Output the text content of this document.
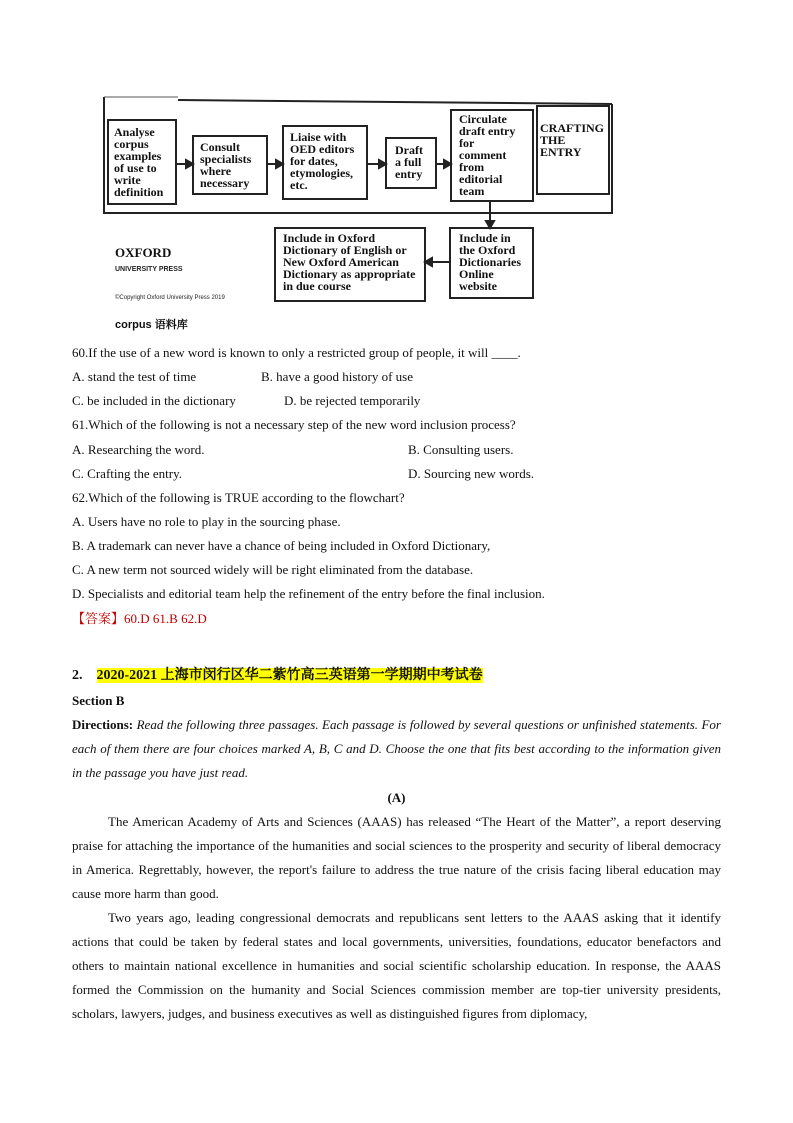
Analyse corpus examples of use to write definition
Consult specialists where necessary
Liaise with OED editors for dates, etymologies, etc.
Draft a full entry
Circulate draft entry for comment from editorial team
CRAFTING THE ENTRY
Include in the Oxford Dictionaries Online website
Include in Oxford Dictionary of English or New Oxford American Dictionary as appropriate in due course
OXFORD
UNIVERSITY PRESS
©Copyright Oxford University Press 2019
corpus 语料库
60.If the use of a new word is known to only a restricted group of people, it will ____.
A. stand the test of time	B. have a good history of use
C. be included in the dictionary	D. be rejected temporarily
61.Which of the following is not a necessary step of the new word inclusion process?
A. Researching the word.	B. Consulting users.
C. Crafting the entry.	D. Sourcing new words.
62.Which of the following is TRUE according to the flowchart?
A. Users have no role to play in the sourcing phase.
B. A trademark can never have a chance of being included in Oxford Dictionary,
C. A new term not sourced widely will be right eliminated from the database.
D. Specialists and editorial team help the refinement of the entry before the final inclusion.
【答案】60.D 61.B 62.D
2. 2020-2021 上海市闵行区华二紫竹高三英语第一学期期中考试卷
Section B
Directions: Read the following three passages. Each passage is followed by several questions or unfinished statements. For each of them there are four choices marked A, B, C and D. Choose the one that fits best according to the information given in the passage you have just read.
(A)
The American Academy of Arts and Sciences (AAAS) has released “The Heart of the Matter”, a report deserving praise for attaching the importance of the humanities and social sciences to the prosperity and security of liberal democracy in America. Regrettably, however, the report's failure to address the true nature of the crisis facing liberal education may cause more harm than good.
Two years ago, leading congressional democrats and republicans sent letters to the AAAS asking that it identify actions that could be taken by federal states and local governments, universities, foundations, educator benefactors and others to maintain national excellence in humanities and social scientific scholarship education. In response, the AAAS formed the Commission on the humanity and Social Sciences commission member are top-tier university presidents, scholars, lawyers, judges, and business executives as well as distinguished figures from diplomacy,
